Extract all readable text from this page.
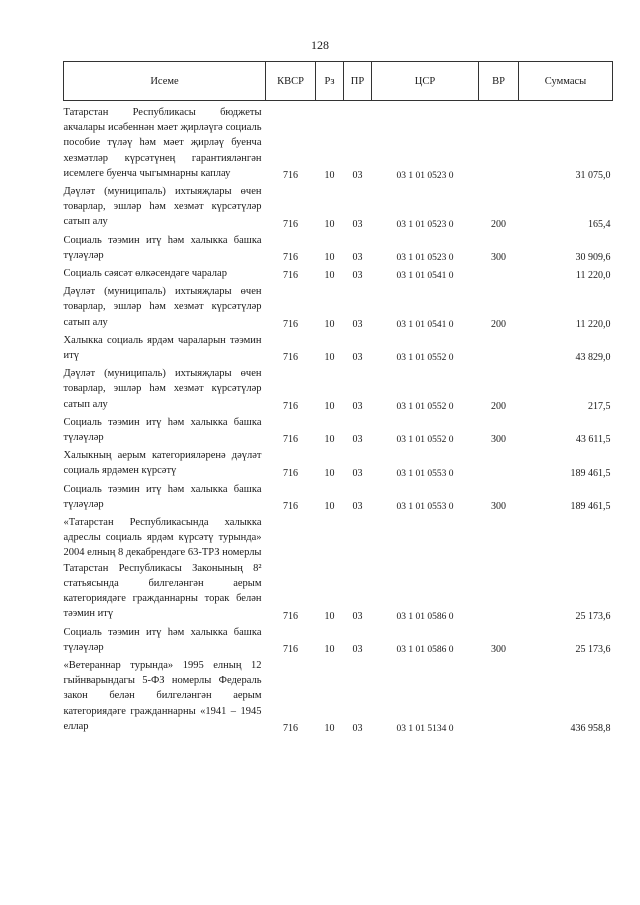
128
Исеме	КВСР	Рз	ПР	ЦСР	ВР	Суммасы
Татарстан Республикасы бюджеты акчалары исәбеннән мәет җирләүгә социаль пособие түләү һәм мәет җирләү буенча хезмәтләр күрсәтүнең гарантияләнгән исемлеге буенча чыгымнарны каплау	716	10	03	03 1 01 0523 0		31 075,0
Дәүләт (муниципаль) ихтыяҗлары өчен товарлар, эшләр һәм хезмәт күрсәтүләр сатып алу	716	10	03	03 1 01 0523 0	200	165,4
Социаль тәэмин итү һәм халыкка башка түләүләр	716	10	03	03 1 01 0523 0	300	30 909,6
Социаль сәясәт өлкәсендәге чаралар	716	10	03	03 1 01 0541 0		11 220,0
Дәүләт (муниципаль) ихтыяҗлары өчен товарлар, эшләр һәм хезмәт күрсәтүләр сатып алу	716	10	03	03 1 01 0541 0	200	11 220,0
Халыкка социаль ярдәм чараларын тәэмин итү	716	10	03	03 1 01 0552 0		43 829,0
Дәүләт (муниципаль) ихтыяҗлары өчен товарлар, эшләр һәм хезмәт күрсәтүләр сатып алу	716	10	03	03 1 01 0552 0	200	217,5
Социаль тәэмин итү һәм халыкка башка түләүләр	716	10	03	03 1 01 0552 0	300	43 611,5
Халыкның аерым категорияләренә дәүләт социаль ярдәмен күрсәтү	716	10	03	03 1 01 0553 0		189 461,5
Социаль тәэмин итү һәм халыкка башка түләүләр	716	10	03	03 1 01 0553 0	300	189 461,5
«Татарстан Республикасында халыкка адреслы социаль ярдәм күрсәтү турында» 2004 елның 8 декабрендәге 63-ТРЗ номерлы Татарстан Республикасы Законының 8² статьясында билгеләнгән аерым категориядәге гражданнарны торак белән тәэмин итү	716	10	03	03 1 01 0586 0		25 173,6
Социаль тәэмин итү һәм халыкка башка түләүләр	716	10	03	03 1 01 0586 0	300	25 173,6
«Ветераннар турында» 1995 елның 12 гыйнварындагы 5-ФЗ номерлы Федераль закон белән билгеләнгән аерым категориядәге гражданнарны «1941 – 1945 еллар	716	10	03	03 1 01 5134 0		436 958,8
